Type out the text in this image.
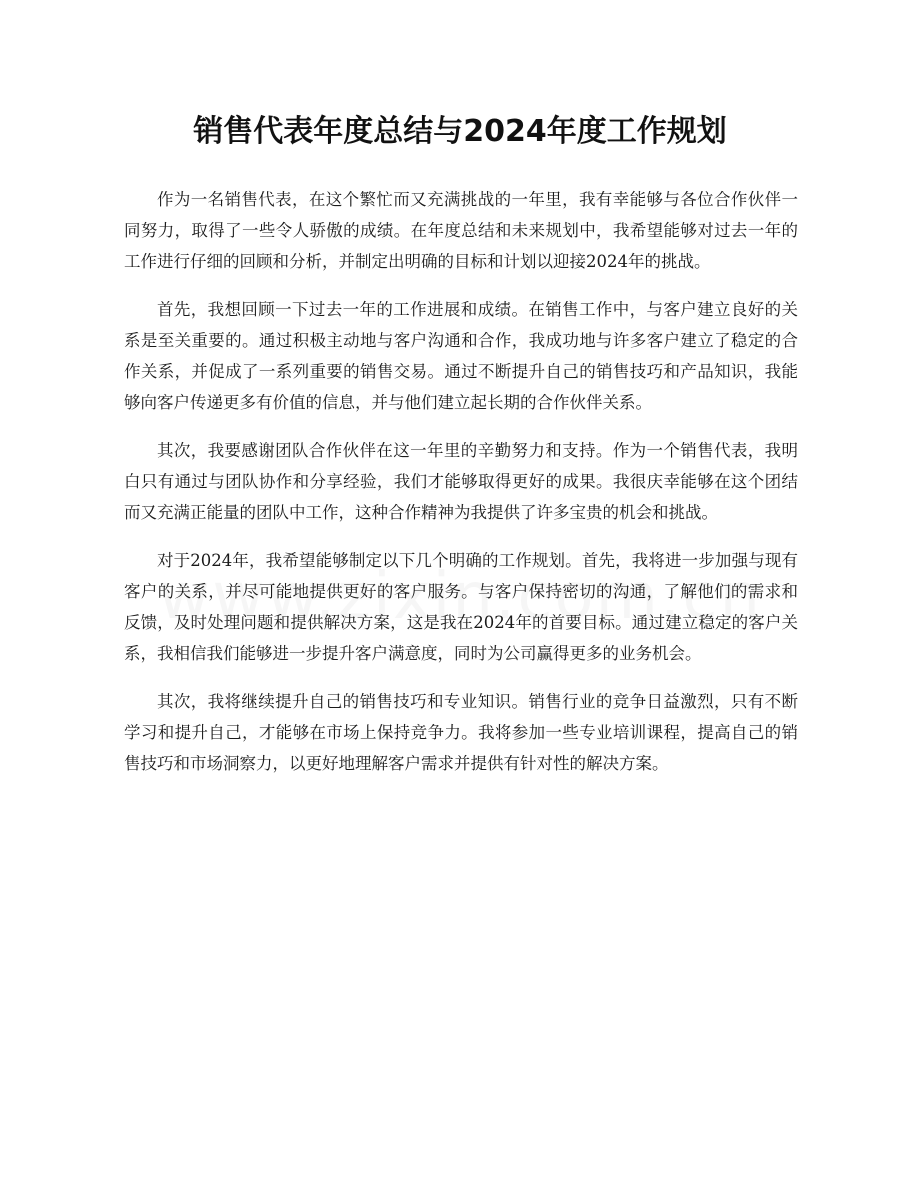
销售代表年度总结与2024年度工作规划

作为一名销售代表，在这个繁忙而又充满挑战的一年里，我有幸能够与各位合作伙伴一同努力，取得了一些令人骄傲的成绩。在年度总结和未来规划中，我希望能够对过去一年的工作进行仔细的回顾和分析，并制定出明确的目标和计划以迎接2024年的挑战。

首先，我想回顾一下过去一年的工作进展和成绩。在销售工作中，与客户建立良好的关系是至关重要的。通过积极主动地与客户沟通和合作，我成功地与许多客户建立了稳定的合作关系，并促成了一系列重要的销售交易。通过不断提升自己的销售技巧和产品知识，我能够向客户传递更多有价值的信息，并与他们建立起长期的合作伙伴关系。

其次，我要感谢团队合作伙伴在这一年里的辛勤努力和支持。作为一个销售代表，我明白只有通过与团队协作和分享经验，我们才能够取得更好的成果。我很庆幸能够在这个团结而又充满正能量的团队中工作，这种合作精神为我提供了许多宝贵的机会和挑战。

对于2024年，我希望能够制定以下几个明确的工作规划。首先，我将进一步加强与现有客户的关系，并尽可能地提供更好的客户服务。与客户保持密切的沟通，了解他们的需求和反馈，及时处理问题和提供解决方案，这是我在2024年的首要目标。通过建立稳定的客户关系，我相信我们能够进一步提升客户满意度，同时为公司赢得更多的业务机会。

其次，我将继续提升自己的销售技巧和专业知识。销售行业的竞争日益激烈，只有不断学习和提升自己，才能够在市场上保持竞争力。我将参加一些专业培训课程，提高自己的销售技巧和市场洞察力，以更好地理解客户需求并提供有针对性的解决方案。
